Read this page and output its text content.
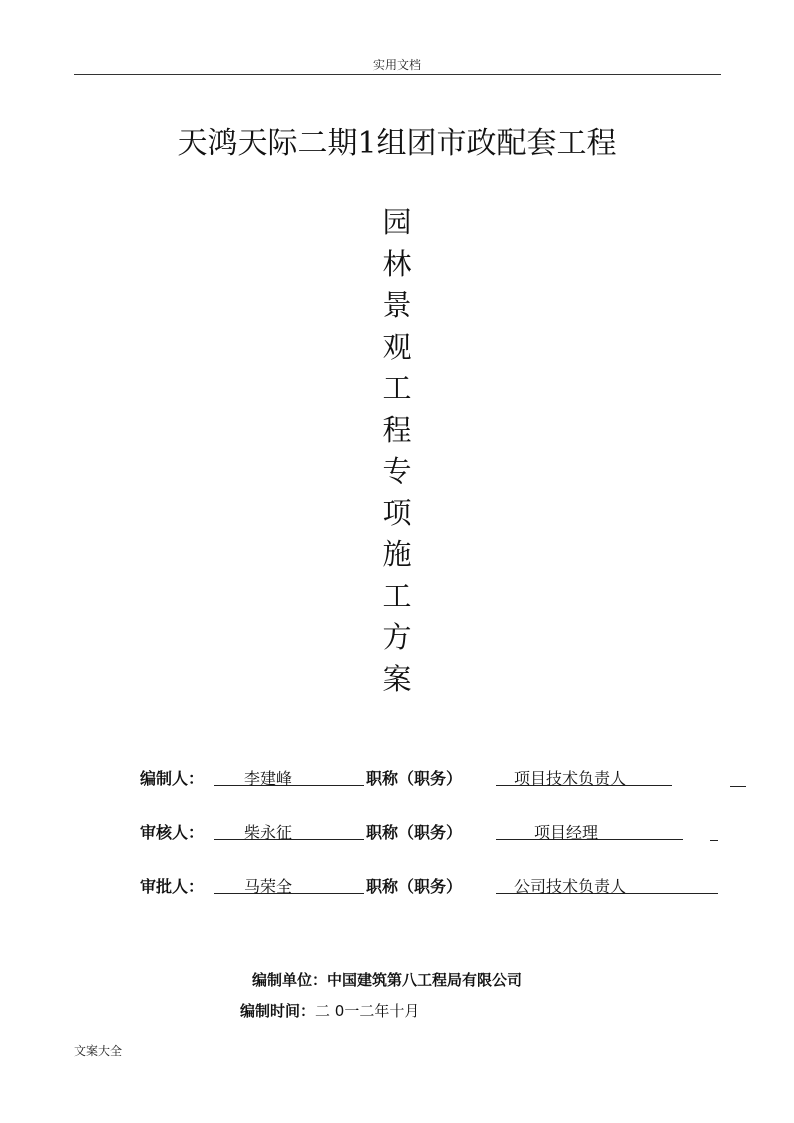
实用文档
天鸿天际二期1组团市政配套工程
园
林
景
观
工
程
专
项
施
工
方
案
编制人：	李建峰	职称（职务）	项目技术负责人
审核人：	柴永征	职称（职务）	项目经理
审批人：	马荣全	职称（职务）	公司技术负责人
编制单位：中国建筑第八工程局有限公司
编制时间：二 0一二年十月
文案大全
